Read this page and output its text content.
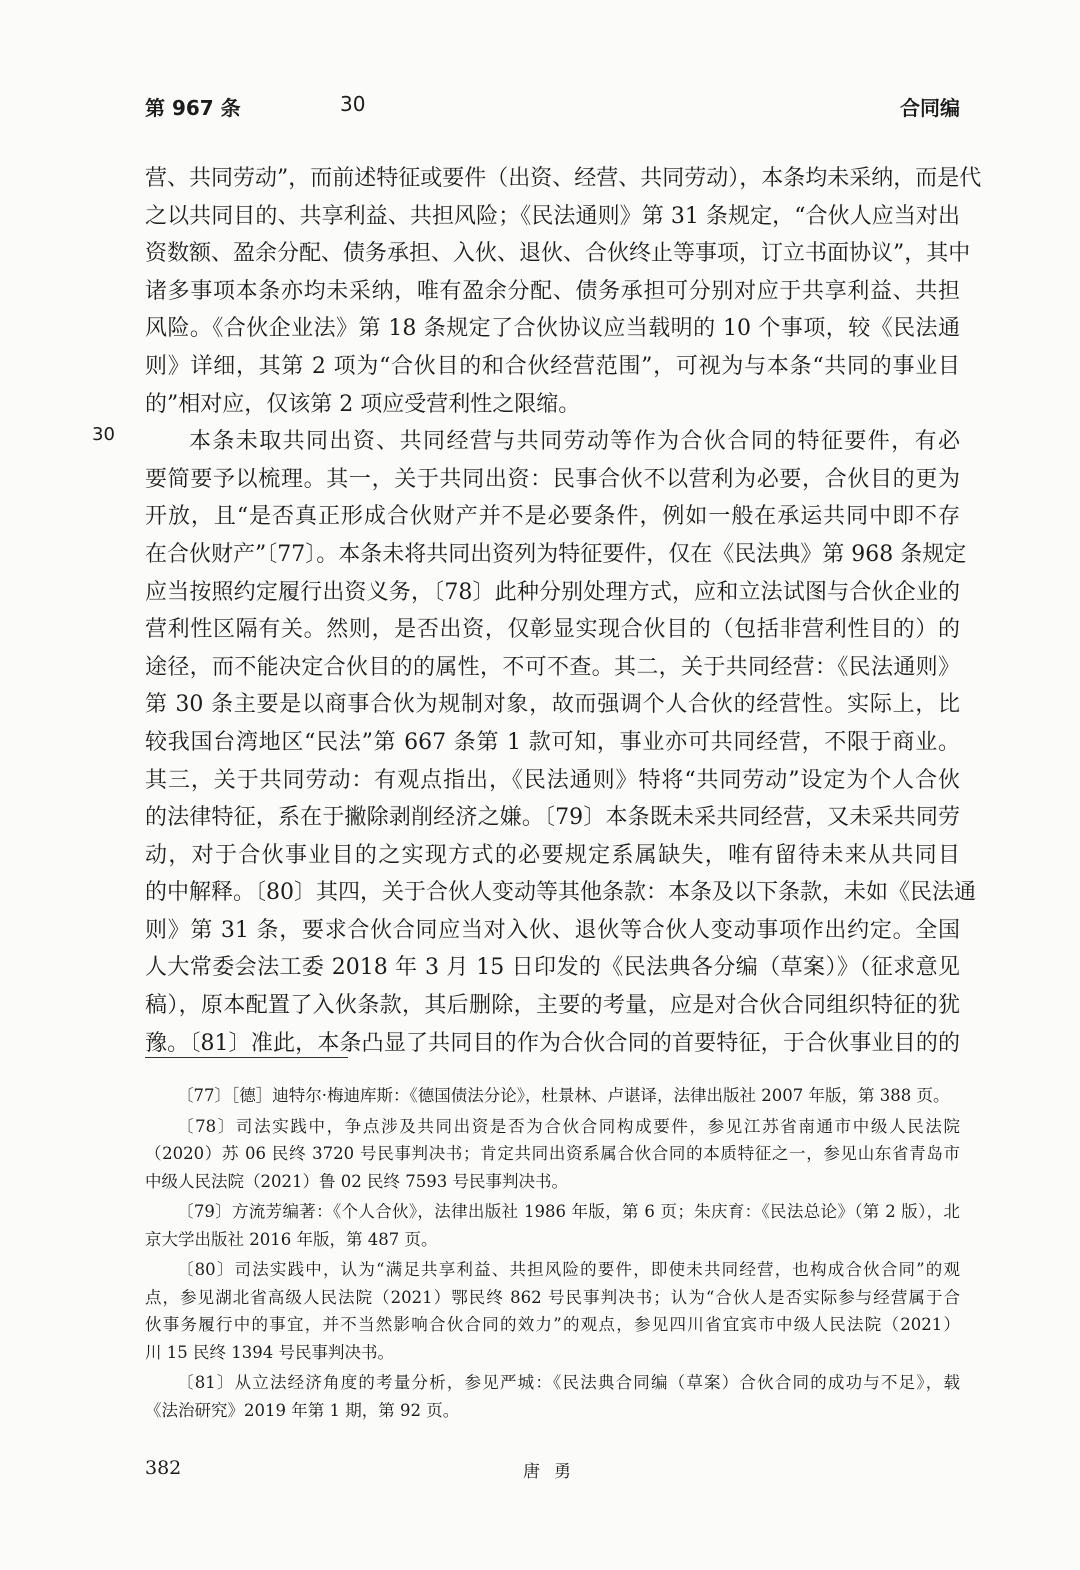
第 967 条	30	合同编
30
营、共同劳动”，而前述特征或要件（出资、经营、共同劳动），本条均未采纳，而是代
之以共同目的、共享利益、共担风险；《民法通则》第 31 条规定，“合伙人应当对出
资数额、盈余分配、债务承担、入伙、退伙、合伙终止等事项，订立书面协议”，其中
诸多事项本条亦均未采纳，唯有盈余分配、债务承担可分别对应于共享利益、共担
风险。《合伙企业法》第 18 条规定了合伙协议应当载明的 10 个事项，较《民法通
则》详细，其第 2 项为“合伙目的和合伙经营范围”，可视为与本条“共同的事业目
的”相对应，仅该第 2 项应受营利性之限缩。
本条未取共同出资、共同经营与共同劳动等作为合伙合同的特征要件，有必
要简要予以梳理。其一，关于共同出资：民事合伙不以营利为必要，合伙目的更为
开放，且“是否真正形成合伙财产并不是必要条件，例如一般在承运共同中即不存
在合伙财产”〔77〕。本条未将共同出资列为特征要件，仅在《民法典》第 968 条规定
应当按照约定履行出资义务，〔78〕此种分别处理方式，应和立法试图与合伙企业的
营利性区隔有关。然则，是否出资，仅彰显实现合伙目的（包括非营利性目的）的
途径，而不能决定合伙目的的属性，不可不查。其二，关于共同经营：《民法通则》
第 30 条主要是以商事合伙为规制对象，故而强调个人合伙的经营性。实际上，比
较我国台湾地区“民法”第 667 条第 1 款可知，事业亦可共同经营，不限于商业。
其三，关于共同劳动：有观点指出，《民法通则》特将“共同劳动”设定为个人合伙
的法律特征，系在于撇除剥削经济之嫌。〔79〕本条既未采共同经营，又未采共同劳
动，对于合伙事业目的之实现方式的必要规定系属缺失，唯有留待未来从共同目
的中解释。〔80〕其四，关于合伙人变动等其他条款：本条及以下条款，未如《民法通
则》第 31 条，要求合伙合同应当对入伙、退伙等合伙人变动事项作出约定。全国
人大常委会法工委 2018 年 3 月 15 日印发的《民法典各分编（草案）》（征求意见
稿），原本配置了入伙条款，其后删除，主要的考量，应是对合伙合同组织特征的犹
豫。〔81〕准此，本条凸显了共同目的作为合伙合同的首要特征，于合伙事业目的的
〔77〕［德］迪特尔·梅迪库斯：《德国债法分论》，杜景林、卢谌译，法律出版社 2007 年版，第 388 页。
〔78〕司法实践中，争点涉及共同出资是否为合伙合同构成要件，参见江苏省南通市中级人民法院
（2020）苏 06 民终 3720 号民事判决书；肯定共同出资系属合伙合同的本质特征之一，参见山东省青岛市
中级人民法院（2021）鲁 02 民终 7593 号民事判决书。
〔79〕方流芳编著：《个人合伙》，法律出版社 1986 年版，第 6 页；朱庆育：《民法总论》（第 2 版），北
京大学出版社 2016 年版，第 487 页。
〔80〕司法实践中，认为“满足共享利益、共担风险的要件，即使未共同经营，也构成合伙合同”的观
点，参见湖北省高级人民法院（2021）鄂民终 862 号民事判决书；认为“合伙人是否实际参与经营属于合
伙事务履行中的事宜，并不当然影响合伙合同的效力”的观点，参见四川省宜宾市中级人民法院（2021）
川 15 民终 1394 号民事判决书。
〔81〕从立法经济角度的考量分析，参见严城：《民法典合同编（草案）合伙合同的成功与不足》，载
《法治研究》2019 年第 1 期，第 92 页。
382	唐勇
